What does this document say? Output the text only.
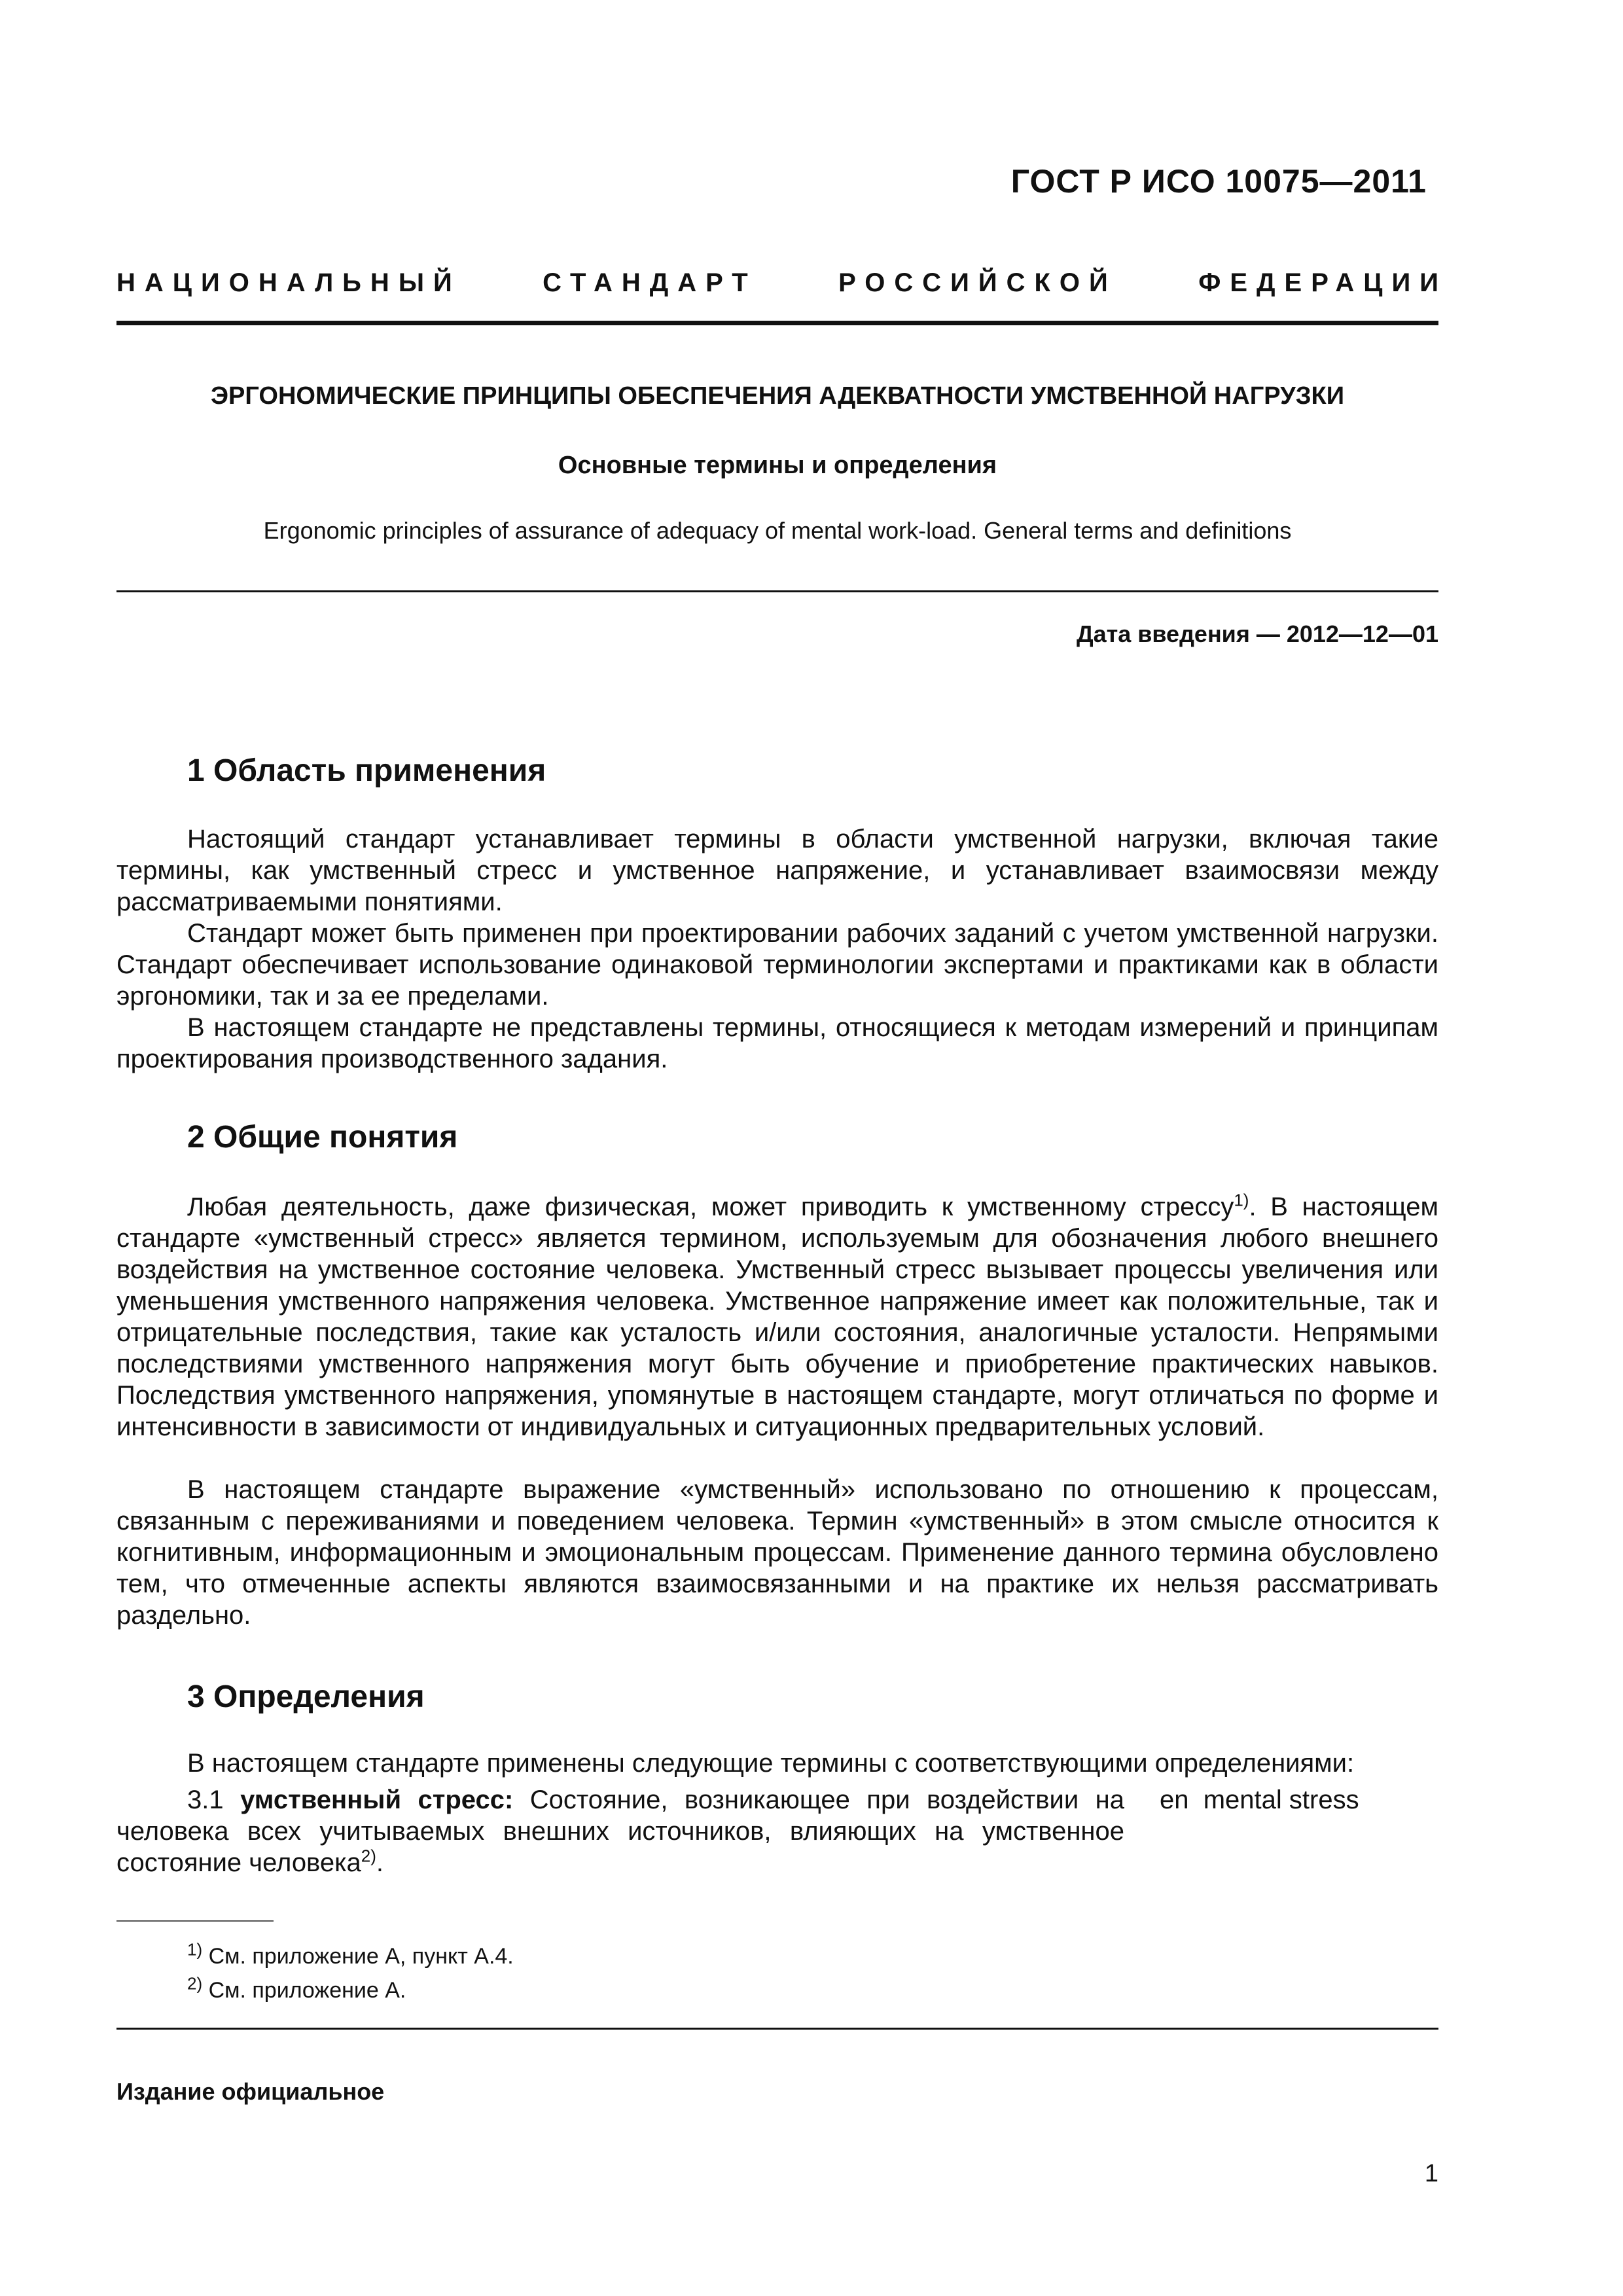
ГОСТ Р ИСО 10075—2011
НАЦИОНАЛЬНЫЙ	СТАНДАРТ	РОССИЙСКОЙ	ФЕДЕРАЦИИ
ЭРГОНОМИЧЕСКИЕ ПРИНЦИПЫ ОБЕСПЕЧЕНИЯ АДЕКВАТНОСТИ УМСТВЕННОЙ НАГРУЗКИ
Основные термины и определения
Ergonomic principles of assurance of adequacy of mental work-load. General terms and definitions
Дата введения — 2012—12—01
1 Область применения

Настоящий стандарт устанавливает термины в области умственной нагрузки, включая такие термины, как умственный стресс и умственное напряжение, и устанавливает взаимосвязи между рассматриваемыми понятиями.

Стандарт может быть применен при проектировании рабочих заданий с учетом умственной нагрузки. Стандарт обеспечивает использование одинаковой терминологии экспертами и практиками как в области эргономики, так и за ее пределами.

В настоящем стандарте не представлены термины, относящиеся к методам измерений и принципам проектирования производственного задания.

2 Общие понятия

Любая деятельность, даже физическая, может приводить к умственному стрессу$^{1)}$. В настоящем стандарте «умственный стресс» является термином, используемым для обозначения любого внешнего воздействия на умственное состояние человека. Умственный стресс вызывает процессы увеличения или уменьшения умственного напряжения человека. Умственное напряжение имеет как положительные, так и отрицательные последствия, такие как усталость и/или состояния, аналогичные усталости. Непрямыми последствиями умственного напряжения могут быть обучение и приобретение практических навыков. Последствия умственного напряжения, упомянутые в настоящем стандарте, могут отличаться по форме и интенсивности в зависимости от индивидуальных и ситуационных предварительных условий.

В настоящем стандарте выражение «умственный» использовано по отношению к процессам, связанным с переживаниями и поведением человека. Термин «умственный» в этом смысле относится к когнитивным, информационным и эмоциональным процессам. Применение данного термина обусловлено тем, что отмеченные аспекты являются взаимосвязанными и на практике их нельзя рассматривать раздельно.

3 Определения

В настоящем стандарте применены следующие термины с соответствующими определениями:

3.1 умственный стресс: Состояние, возникающее при воздействии на человека всех учитываемых внешних источников, влияющих на умственное состояние человека$^{2)}$.

en mental stress
$^{1)}$ См. приложение А, пункт А.4.
$^{2)}$ См. приложение А.
Издание официальное
1
